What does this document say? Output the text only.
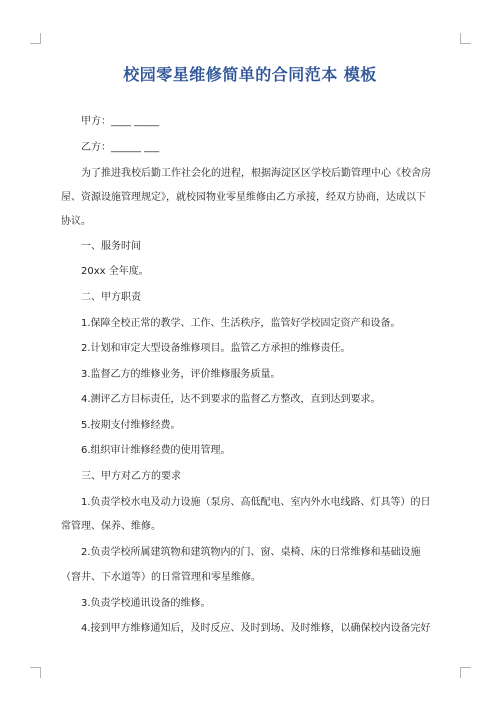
校园零星维修简单的合同范本 模板
甲方：____ _____
乙方：______ ___
为了推进我校后勤工作社会化的进程，根据海淀区区学校后勤管理中心《校舍房
屋、资源设施管理规定》，就校园物业零星维修由乙方承接，经双方协商，达成以下
协议。
一、服务时间
20xx 全年度。
二、甲方职责
1.保障全校正常的教学、工作、生活秩序，监管好学校固定资产和设备。
2.计划和审定大型设备维修项目。监管乙方承担的维修责任。
3.监督乙方的维修业务，评价维修服务质量。
4.测评乙方目标责任，达不到要求的监督乙方整改，直到达到要求。
5.按期支付维修经费。
6.组织审计维修经费的使用管理。
三、甲方对乙方的要求
1.负责学校水电及动力设施（泵房、高低配电、室内外水电线路、灯具等）的日
常管理、保养、维修。
2.负责学校所属建筑物和建筑物内的门、窗、桌椅、床的日常维修和基础设施
（窨井、下水道等）的日常管理和零星维修。
3.负责学校通讯设备的维修。
4.接到甲方维修通知后，及时反应、及时到场、及时维修，以确保校内设备完好
